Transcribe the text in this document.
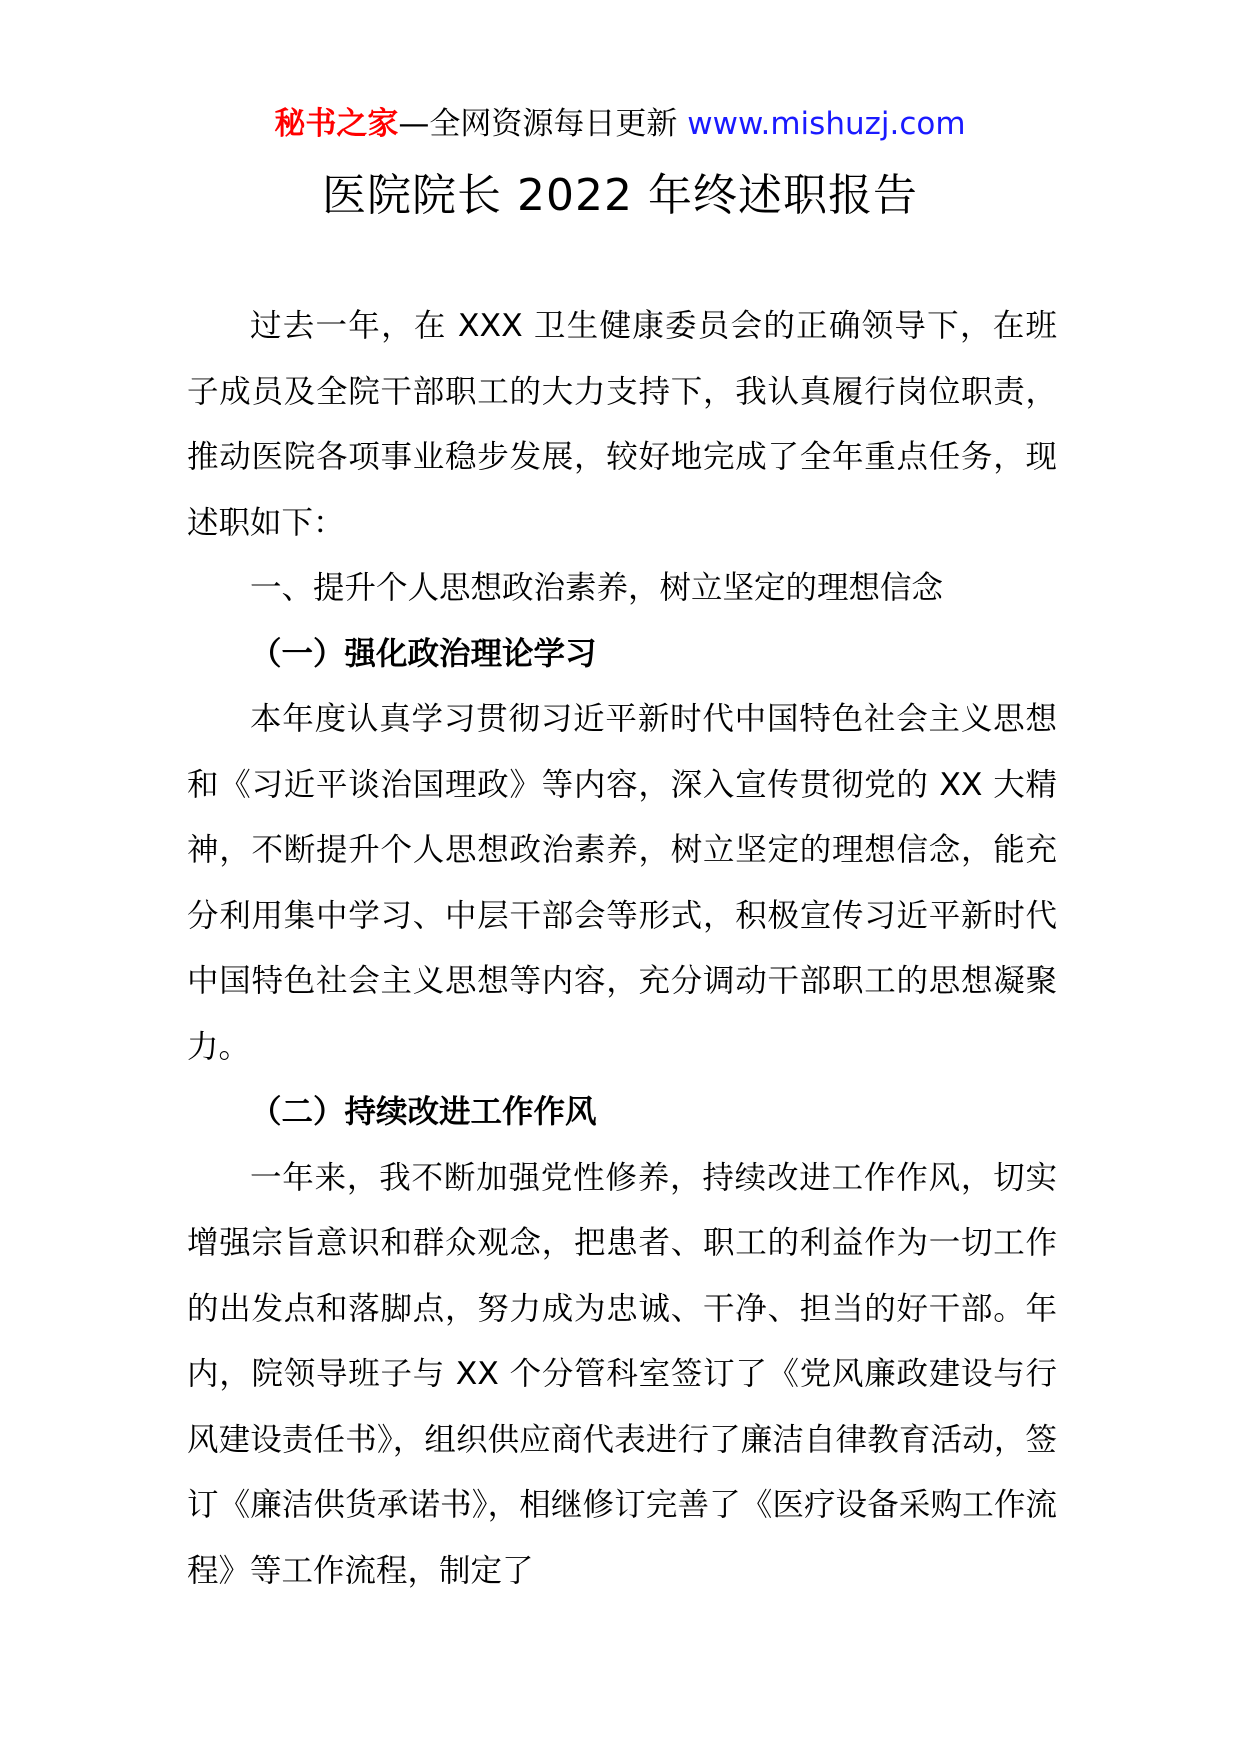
秘书之家—全网资源每日更新 www.mishuzj.com
医院院长 2022 年终述职报告

过去一年，在 XXX 卫生健康委员会的正确领导下，在班子成员及全院干部职工的大力支持下，我认真履行岗位职责，推动医院各项事业稳步发展，较好地完成了全年重点任务，现述职如下：

一、提升个人思想政治素养，树立坚定的理想信念

（一）强化政治理论学习

本年度认真学习贯彻习近平新时代中国特色社会主义思想和《习近平谈治国理政》等内容，深入宣传贯彻党的 XX 大精神，不断提升个人思想政治素养，树立坚定的理想信念，能充分利用集中学习、中层干部会等形式，积极宣传习近平新时代中国特色社会主义思想等内容，充分调动干部职工的思想凝聚力。

（二）持续改进工作作风

一年来，我不断加强党性修养，持续改进工作作风，切实增强宗旨意识和群众观念，把患者、职工的利益作为一切工作的出发点和落脚点，努力成为忠诚、干净、担当的好干部。年内，院领导班子与 XX 个分管科室签订了《党风廉政建设与行风建设责任书》，组织供应商代表进行了廉洁自律教育活动，签订《廉洁供货承诺书》，相继修订完善了《医疗设备采购工作流程》等工作流程，制定了
